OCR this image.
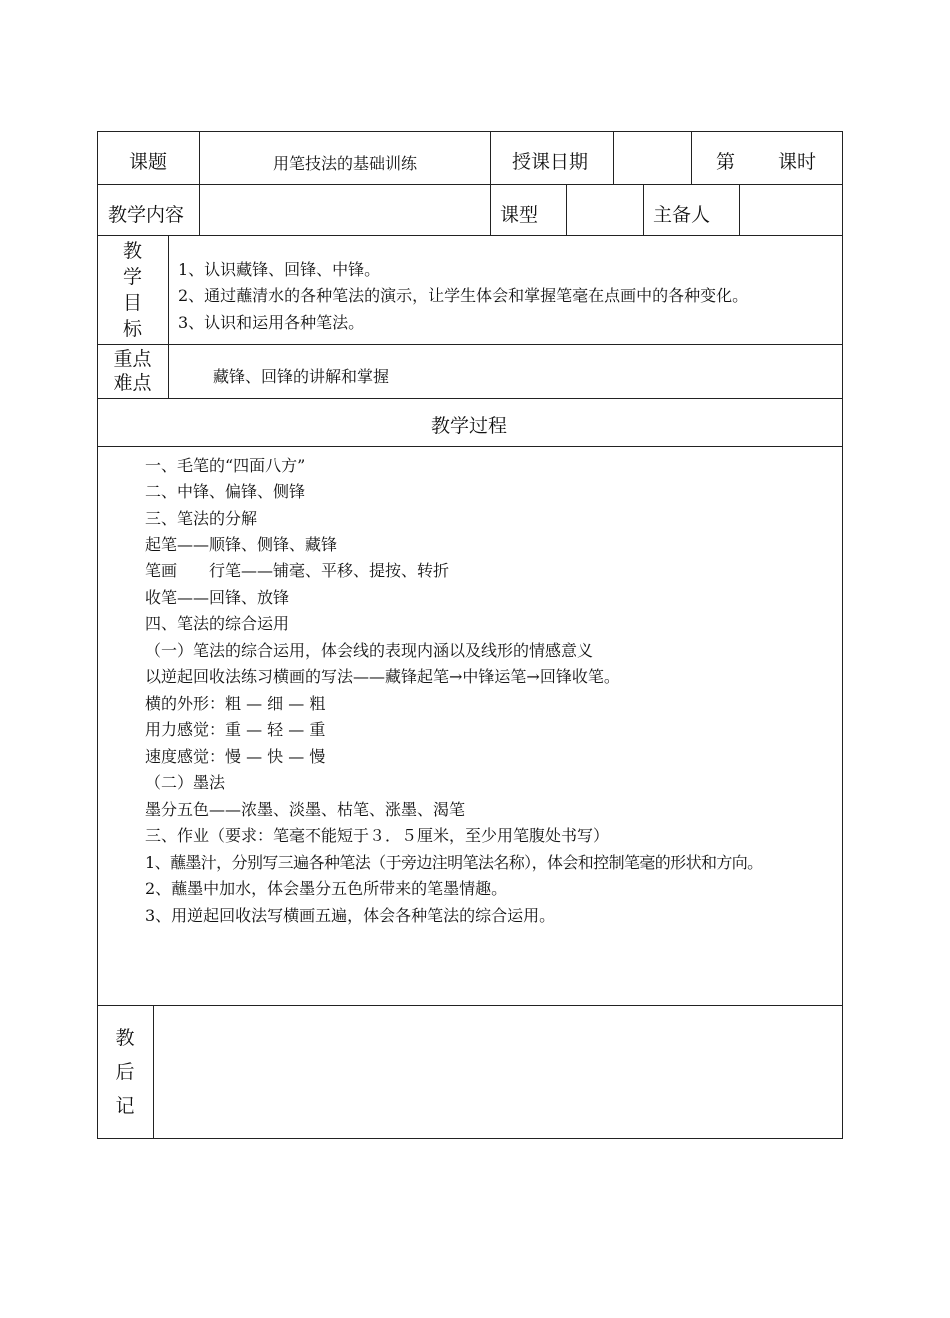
课题	用笔技法的基础训练	授课日期	第 课时
教学内容	课型	主备人
教
学
目
标
1、认识藏锋、回锋、中锋。
2、通过蘸清水的各种笔法的演示，让学生体会和掌握笔毫在点画中的各种变化。
3、认识和运用各种笔法。
重点
难点	藏锋、回锋的讲解和掌握
教学过程
一、毛笔的“四面八方”
二、中锋、偏锋、侧锋
三、笔法的分解
起笔——顺锋、侧锋、藏锋
笔画　　行笔——铺毫、平移、提按、转折
收笔——回锋、放锋
四、笔法的综合运用
（一）笔法的综合运用，体会线的表现内涵以及线形的情感意义
以逆起回收法练习横画的写法——藏锋起笔→中锋运笔→回锋收笔。
横的外形：粗 — 细 — 粗
用力感觉：重 — 轻 — 重
速度感觉：慢 — 快 — 慢
（二）墨法
墨分五色——浓墨、淡墨、枯笔、涨墨、渴笔
三、作业（要求：笔毫不能短于３．５厘米，至少用笔腹处书写）
1、蘸墨汁，分别写三遍各种笔法（于旁边注明笔法名称），体会和控制笔毫的形状和方向。
2、蘸墨中加水，体会墨分五色所带来的笔墨情趣。
3、用逆起回收法写横画五遍，体会各种笔法的综合运用。
教
后
记
